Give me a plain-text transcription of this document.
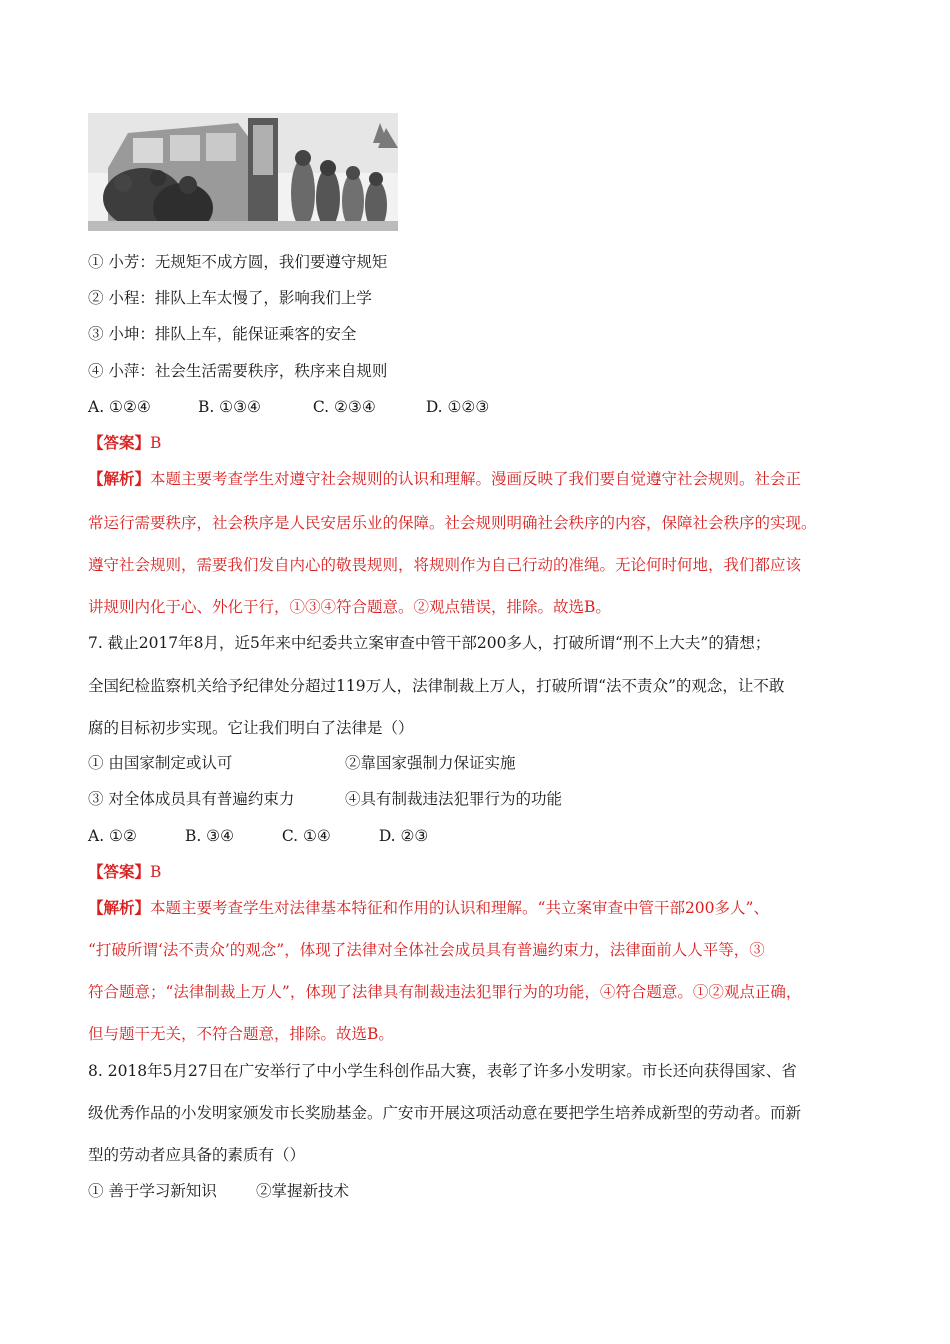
① 小芳：无规矩不成方圆，我们要遵守规矩
② 小程：排队上车太慢了，影响我们上学
③ 小坤：排队上车，能保证乘客的安全
④ 小萍：社会生活需要秩序，秩序来自规则
A. ①②④	B. ①③④	C. ②③④	D. ①②③
【答案】B
【解析】本题主要考查学生对遵守社会规则的认识和理解。漫画反映了我们要自觉遵守社会规则。社会正
常运行需要秩序，社会秩序是人民安居乐业的保障。社会规则明确社会秩序的内容，保障社会秩序的实现。
遵守社会规则，需要我们发自内心的敬畏规则，将规则作为自己行动的准绳。无论何时何地，我们都应该
讲规则内化于心、外化于行，①③④符合题意。②观点错误，排除。故选B。
7. 截止2017年8月，近5年来中纪委共立案审查中管干部200多人，打破所谓“刑不上大夫”的猜想；
全国纪检监察机关给予纪律处分超过119万人，法律制裁上万人，打破所谓“法不责众”的观念，让不敢
腐的目标初步实现。它让我们明白了法律是（）
① 由国家制定或认可	②靠国家强制力保证实施
③ 对全体成员具有普遍约束力	④具有制裁违法犯罪行为的功能
A. ①②	B. ③④	C. ①④	D. ②③
【答案】B
【解析】本题主要考查学生对法律基本特征和作用的认识和理解。“共立案审查中管干部200多人”、
“打破所谓‘法不责众’的观念”，体现了法律对全体社会成员具有普遍约束力，法律面前人人平等，③
符合题意；“法律制裁上万人”，体现了法律具有制裁违法犯罪行为的功能，④符合题意。①②观点正确，
但与题干无关，不符合题意，排除。故选B。
8. 2018年5月27日在广安举行了中小学生科创作品大赛，表彰了许多小发明家。市长还向获得国家、省
级优秀作品的小发明家颁发市长奖励基金。广安市开展这项活动意在要把学生培养成新型的劳动者。而新
型的劳动者应具备的素质有（）
① 善于学习新知识	②掌握新技术
